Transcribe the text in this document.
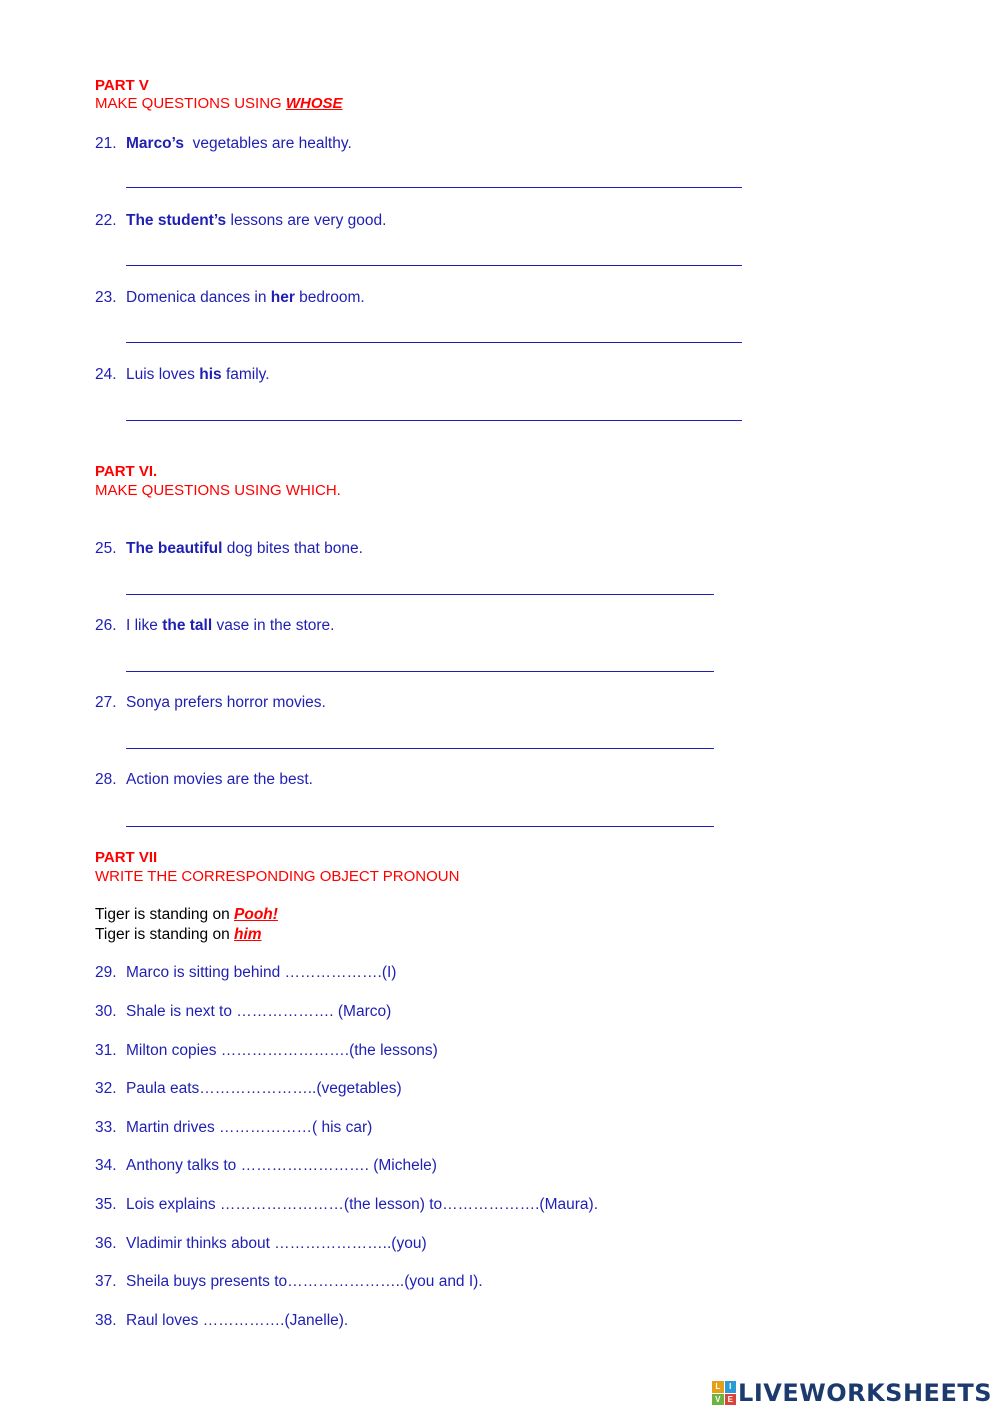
PART V
MAKE QUESTIONS USING WHOSE
21. Marco’s  vegetables are healthy.
22. The student’s lessons are very good.
23. Domenica dances in her bedroom.
24. Luis loves his family.
PART VI.
MAKE QUESTIONS USING WHICH.
25. The beautiful dog bites that bone.
26. I like the tall vase in the store.
27. Sonya prefers horror movies.
28. Action movies are the best.
PART VII
WRITE THE CORRESPONDING OBJECT PRONOUN
Tiger is standing on Pooh!
Tiger is standing on him
29. Marco is sitting behind ……………….(I)
30. Shale is next to ………………. (Marco)
31. Milton copies …………………….(the lessons)
32. Paula eats…………………..(vegetables)
33. Martin drives ………………( his car)
34. Anthony talks to ……………………. (Michele)
35. Lois explains ……………………(the lesson) to……………….(Maura).
36. Vladimir thinks about …………………..(you)
37. Sheila buys presents to…………………..(you and I).
38. Raul loves …………….(Janelle).
L	I
V E LIVEWORKSHEETS
